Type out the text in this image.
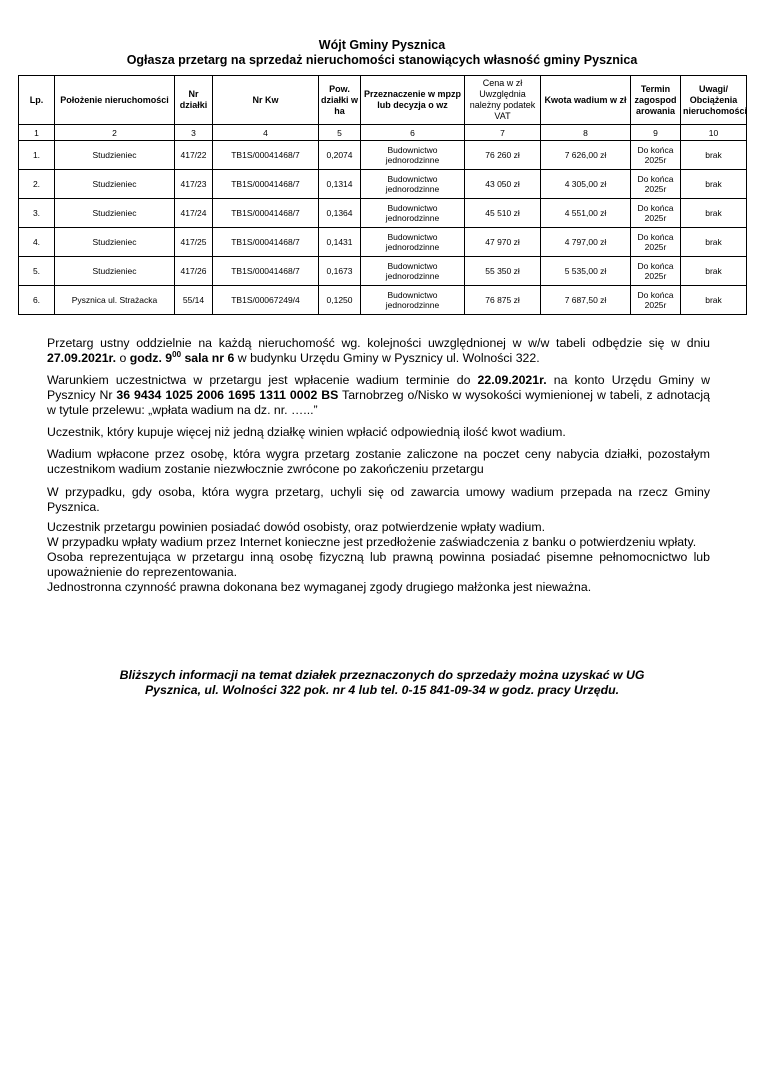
Wójt Gminy Pysznica
Ogłasza przetarg na sprzedaż nieruchomości stanowiących własność gminy Pysznica
Lp.	Położenie nieruchomości	Nr działki	Nr Kw	Pow. działki w ha	Przeznaczenie w mpzp lub decyzja o wz	Cena w zł Uwzględnia należny podatek VAT	Kwota wadium w zł	Termin zagospod arowania	Uwagi/ Obciążenia nieruchomości
1	2	3	4	5	6	7	8	9	10
1.	Studzieniec	417/22	TB1S/00041468/7	0,2074	Budownictwo jednorodzinne	76 260 zł	7 626,00 zł	Do końca 2025r	brak
2.	Studzieniec	417/23	TB1S/00041468/7	0,1314	Budownictwo jednorodzinne	43 050 zł	4 305,00 zł	Do końca 2025r	brak
3.	Studzieniec	417/24	TB1S/00041468/7	0,1364	Budownictwo jednorodzinne	45 510 zł	4 551,00 zł	Do końca 2025r	brak
4.	Studzieniec	417/25	TB1S/00041468/7	0,1431	Budownictwo jednorodzinne	47 970 zł	4 797,00 zł	Do końca 2025r	brak
5.	Studzieniec	417/26	TB1S/00041468/7	0,1673	Budownictwo jednorodzinne	55 350 zł	5 535,00 zł	Do końca 2025r	brak
6.	Pysznica ul. Strażacka	55/14	TB1S/00067249/4	0,1250	Budownictwo jednorodzinne	76 875 zł	7 687,50 zł	Do końca 2025r	brak
Przetarg ustny oddzielnie na każdą nieruchomość wg. kolejności uwzględnionej w w/w tabeli odbędzie się w dniu 27.09.2021r. o godz. $9^{00}$ sala nr 6 w budynku Urzędu Gminy w Pysznicy ul. Wolności 322.
Warunkiem uczestnictwa w przetargu jest wpłacenie wadium terminie do 22.09.2021r. na konto Urzędu Gminy w Pysznicy Nr 36 9434 1025 2006 1695 1311 0002 BS Tarnobrzeg o/Nisko w wysokości wymienionej w tabeli, z adnotacją w tytule przelewu: „wpłata wadium na dz. nr. …...”
Uczestnik, który kupuje więcej niż jedną działkę winien wpłacić odpowiednią ilość kwot wadium.
Wadium wpłacone przez osobę, która wygra przetarg zostanie zaliczone na poczet ceny nabycia działki, pozostałym uczestnikom wadium zostanie niezwłocznie zwrócone po zakończeniu przetargu
W przypadku, gdy osoba, która wygra przetarg, uchyli się od zawarcia umowy wadium przepada na rzecz Gminy Pysznica.
Uczestnik przetargu powinien posiadać dowód osobisty, oraz potwierdzenie wpłaty wadium.
W przypadku wpłaty wadium przez Internet konieczne jest przedłożenie zaświadczenia z banku o potwierdzeniu wpłaty.
Osoba reprezentująca w przetargu inną osobę fizyczną lub prawną powinna posiadać pisemne pełnomocnictwo lub upoważnienie do reprezentowania.
Jednostronna czynność prawna dokonana bez wymaganej zgody drugiego małżonka jest nieważna.
Bliższych informacji na temat działek przeznaczonych do sprzedaży można uzyskać w UG
Pysznica, ul. Wolności 322 pok. nr 4 lub tel. 0-15 841-09-34 w godz. pracy Urzędu.
